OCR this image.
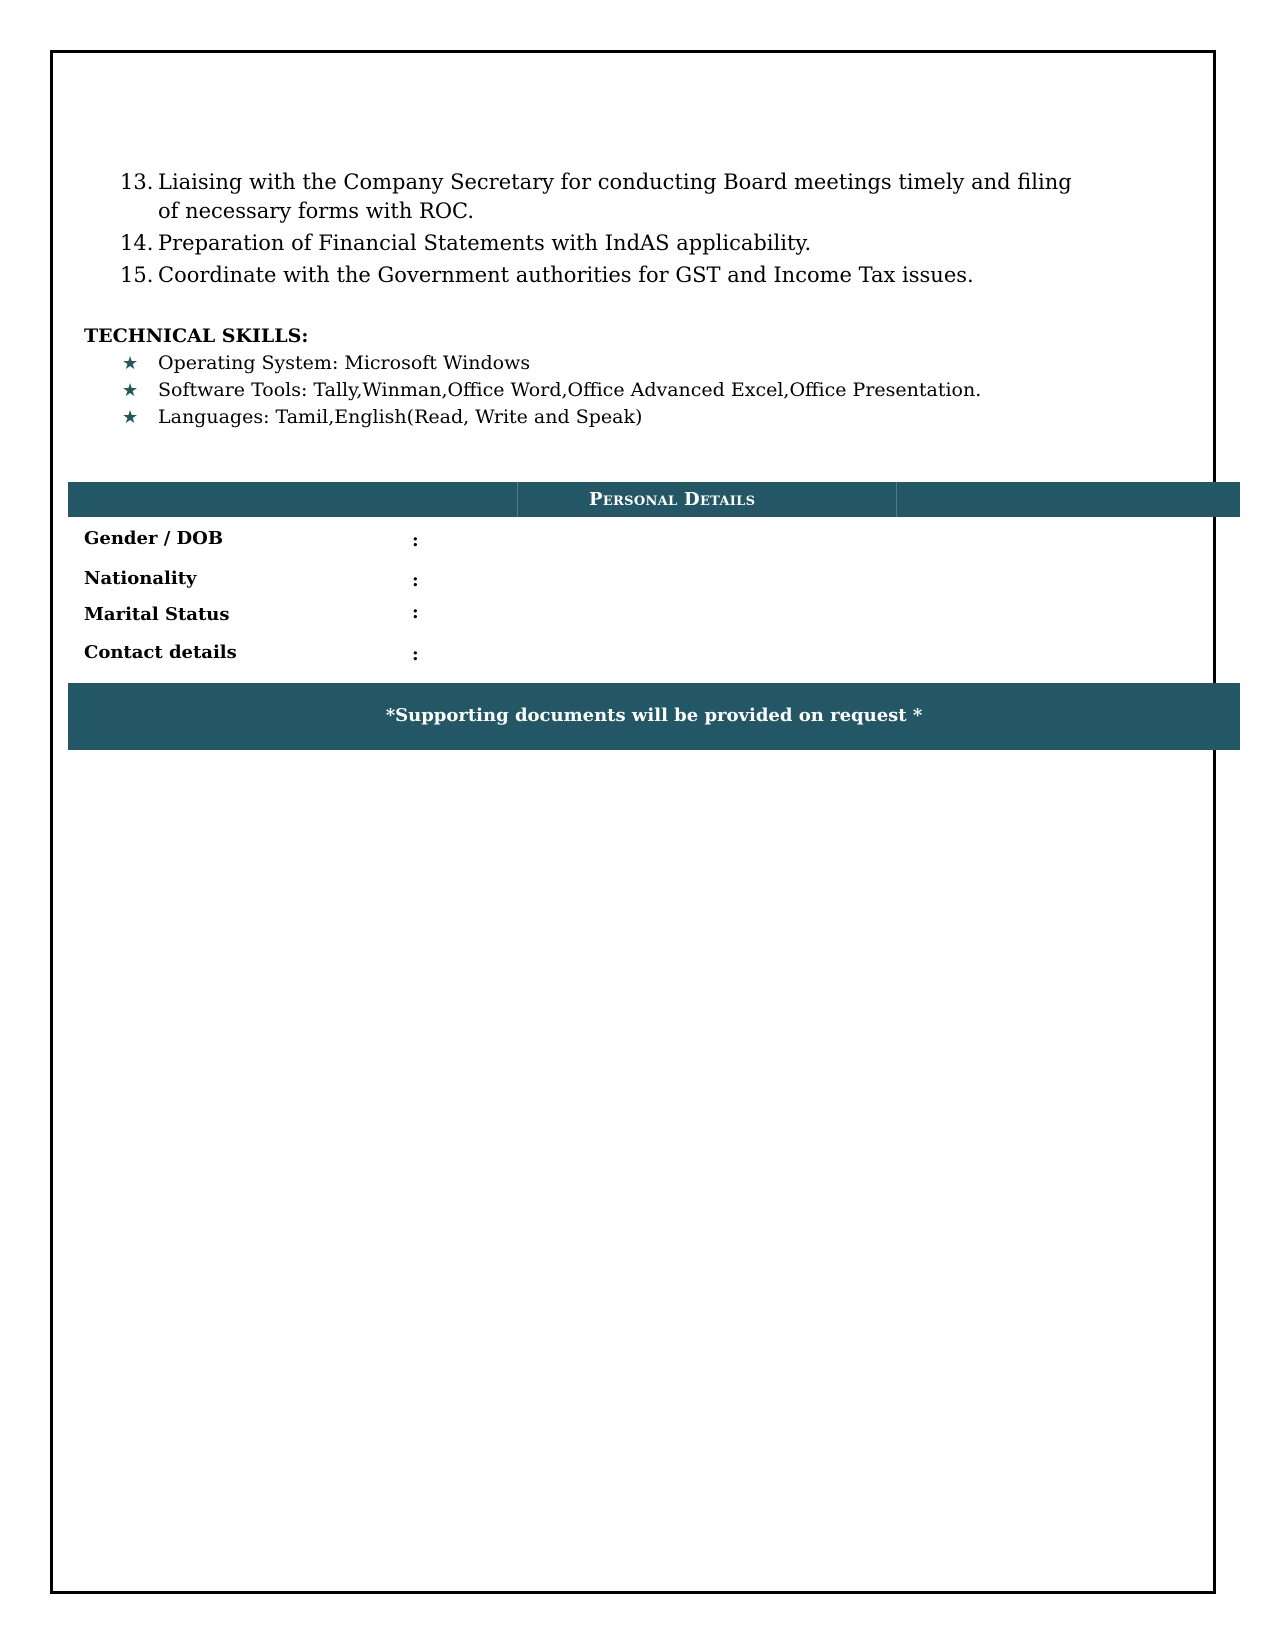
13. Liaising with the Company Secretary for conducting Board meetings timely and filing of necessary forms with ROC.
14. Preparation of Financial Statements with IndAS applicability.
15. Coordinate with the Government authorities for GST and Income Tax issues.
TECHNICAL SKILLS:
★ Operating System: Microsoft Windows
★ Software Tools: Tally,Winman,Office Word,Office Advanced Excel,Office Presentation.
★ Languages: Tamil,English(Read, Write and Speak)
Personal Details
Gender / DOB	:
Nationality	:
Marital Status	:
Contact details	:
*Supporting documents will be provided on request *
